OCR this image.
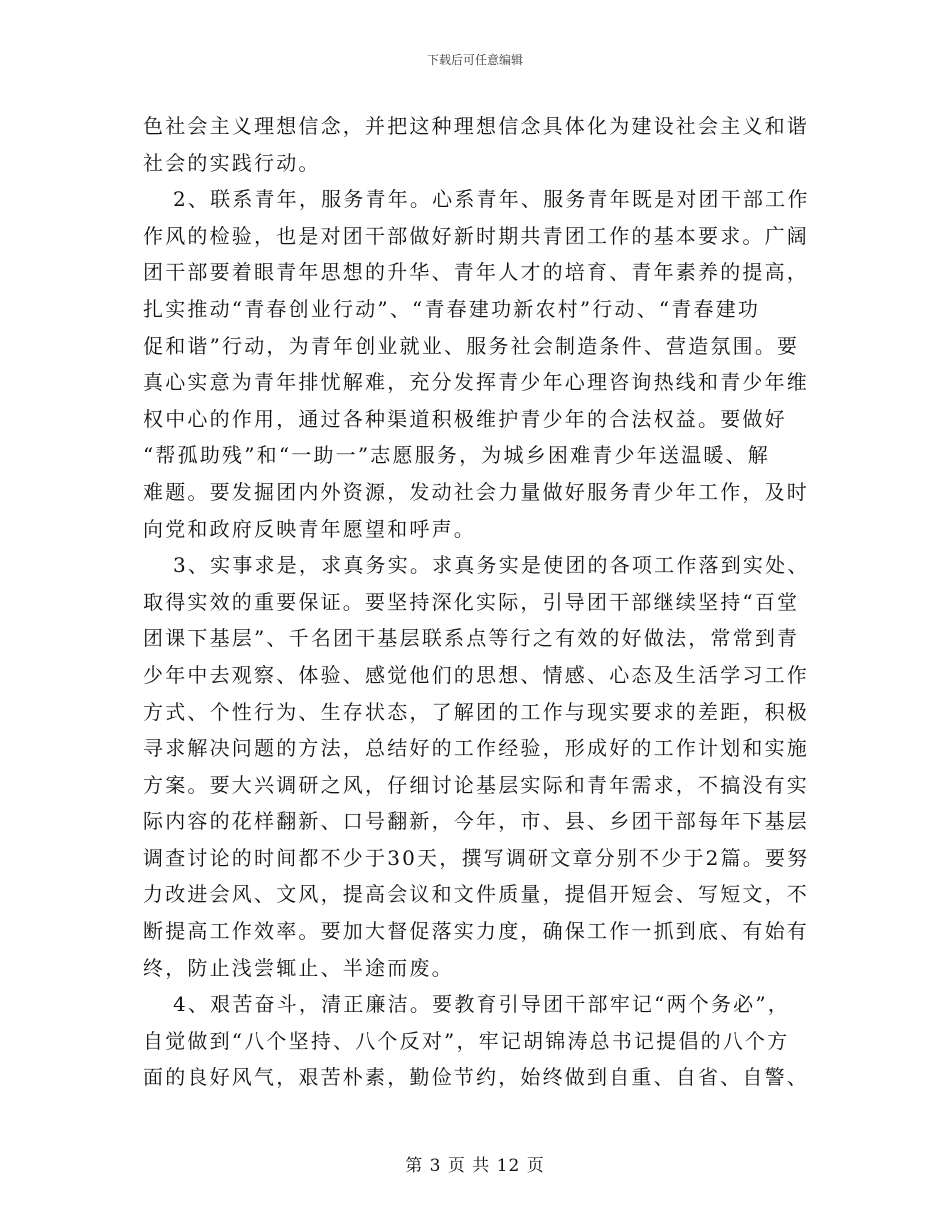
下载后可任意编辑
色社会主义理想信念，并把这种理想信念具体化为建设社会主义和谐
社会的实践行动。
2、联系青年，服务青年。心系青年、服务青年既是对团干部工作
作风的检验，也是对团干部做好新时期共青团工作的基本要求。广阔
团干部要着眼青年思想的升华、青年人才的培育、青年素养的提高，
扎实推动“青春创业行动”、“青春建功新农村”行动、“青春建功
促和谐”行动，为青年创业就业、服务社会制造条件、营造氛围。要
真心实意为青年排忧解难，充分发挥青少年心理咨询热线和青少年维
权中心的作用，通过各种渠道积极维护青少年的合法权益。要做好
“帮孤助残”和“一助一”志愿服务，为城乡困难青少年送温暖、解
难题。要发掘团内外资源，发动社会力量做好服务青少年工作，及时
向党和政府反映青年愿望和呼声。
3、实事求是，求真务实。求真务实是使团的各项工作落到实处、
取得实效的重要保证。要坚持深化实际，引导团干部继续坚持“百堂
团课下基层”、千名团干基层联系点等行之有效的好做法，常常到青
少年中去观察、体验、感觉他们的思想、情感、心态及生活学习工作
方式、个性行为、生存状态，了解团的工作与现实要求的差距，积极
寻求解决问题的方法，总结好的工作经验，形成好的工作计划和实施
方案。要大兴调研之风，仔细讨论基层实际和青年需求，不搞没有实
际内容的花样翻新、口号翻新，今年，市、县、乡团干部每年下基层
调查讨论的时间都不少于30天，撰写调研文章分别不少于2篇。要努
力改进会风、文风，提高会议和文件质量，提倡开短会、写短文，不
断提高工作效率。要加大督促落实力度，确保工作一抓到底、有始有
终，防止浅尝辄止、半途而废。
4、艰苦奋斗，清正廉洁。要教育引导团干部牢记“两个务必”，
自觉做到“八个坚持、八个反对”，牢记胡锦涛总书记提倡的八个方
面的良好风气，艰苦朴素，勤俭节约，始终做到自重、自省、自警、
第 3 页 共 12 页
